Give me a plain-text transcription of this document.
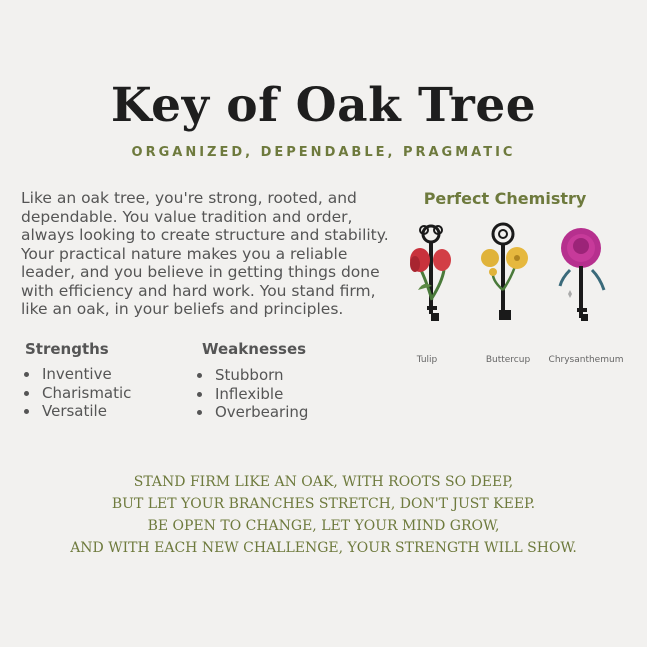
Key of Oak Tree
ORGANIZED, DEPENDABLE, PRAGMATIC
Like an oak tree, you're strong, rooted, and dependable. You value tradition and order, always looking to create structure and stability. Your practical nature makes you a reliable leader, and you believe in getting things done with efficiency and hard work. You stand firm, like an oak, in your beliefs and principles.
Perfect Chemistry
Tulip	Buttercup	Chrysanthemum
Strengths
• Inventive
• Charismatic
• Versatile
Weaknesses
• Stubborn
• Inflexible
• Overbearing
STAND FIRM LIKE AN OAK, WITH ROOTS SO DEEP,
BUT LET YOUR BRANCHES STRETCH, DON'T JUST KEEP.
BE OPEN TO CHANGE, LET YOUR MIND GROW,
AND WITH EACH NEW CHALLENGE, YOUR STRENGTH WILL SHOW.
